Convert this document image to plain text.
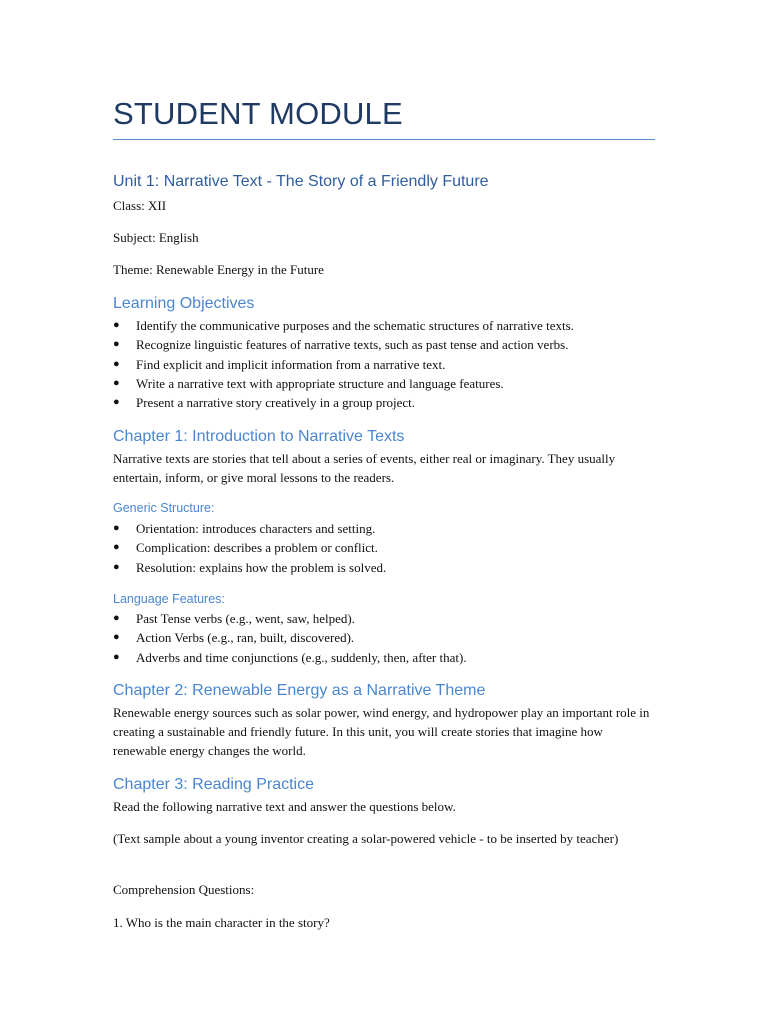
STUDENT MODULE
Unit 1: Narrative Text - The Story of a Friendly Future
Class: XII
Subject: English
Theme: Renewable Energy in the Future
Learning Objectives
● Identify the communicative purposes and the schematic structures of narrative texts.
● Recognize linguistic features of narrative texts, such as past tense and action verbs.
● Find explicit and implicit information from a narrative text.
● Write a narrative text with appropriate structure and language features.
● Present a narrative story creatively in a group project.
Chapter 1: Introduction to Narrative Texts
Narrative texts are stories that tell about a series of events, either real or imaginary. They usually entertain, inform, or give moral lessons to the readers.
Generic Structure:
● Orientation: introduces characters and setting.
● Complication: describes a problem or conflict.
● Resolution: explains how the problem is solved.
Language Features:
● Past Tense verbs (e.g., went, saw, helped).
● Action Verbs (e.g., ran, built, discovered).
● Adverbs and time conjunctions (e.g., suddenly, then, after that).
Chapter 2: Renewable Energy as a Narrative Theme
Renewable energy sources such as solar power, wind energy, and hydropower play an important role in creating a sustainable and friendly future. In this unit, you will create stories that imagine how renewable energy changes the world.
Chapter 3: Reading Practice
Read the following narrative text and answer the questions below.
(Text sample about a young inventor creating a solar-powered vehicle - to be inserted by teacher)
Comprehension Questions:
1. Who is the main character in the story?
